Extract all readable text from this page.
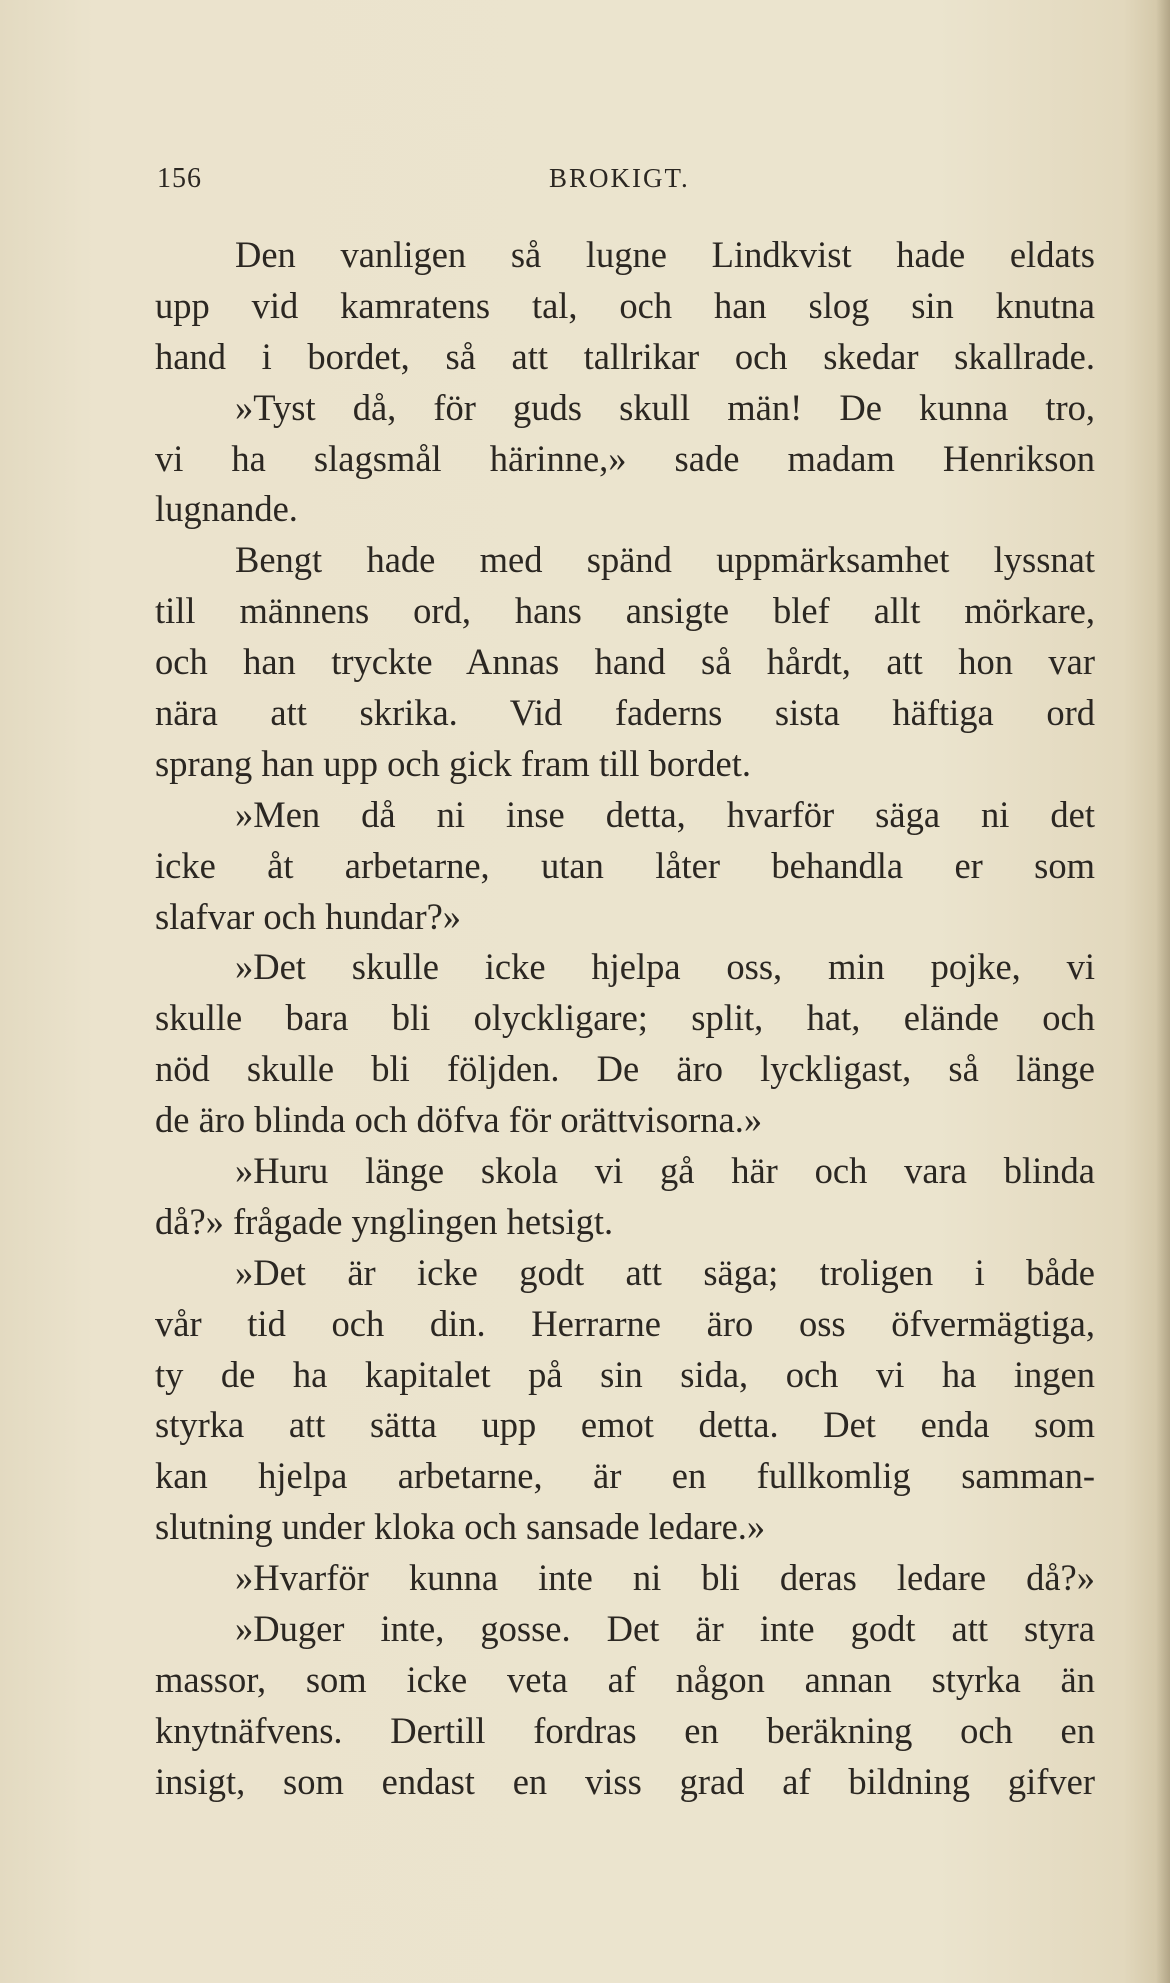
156	BROKIGT.
Den vanligen så lugne Lindkvist hade eldats
upp vid kamratens tal, och han slog sin knutna
hand i bordet, så att tallrikar och skedar skallrade.
»Tyst då, för guds skull män! De kunna tro,
vi ha slagsmål härinne,» sade madam Henrikson
lugnande.
Bengt hade med spänd uppmärksamhet lyssnat
till männens ord, hans ansigte blef allt mörkare,
och han tryckte Annas hand så hårdt, att hon var
nära att skrika. Vid faderns sista häftiga ord
sprang han upp och gick fram till bordet.
»Men då ni inse detta, hvarför säga ni det
icke åt arbetarne, utan låter behandla er som
slafvar och hundar?»
»Det skulle icke hjelpa oss, min pojke, vi
skulle bara bli olyckligare; split, hat, elände och
nöd skulle bli följden. De äro lyckligast, så länge
de äro blinda och döfva för orättvisorna.»
»Huru länge skola vi gå här och vara blinda
då?» frågade ynglingen hetsigt.
»Det är icke godt att säga; troligen i både
vår tid och din. Herrarne äro oss öfvermägtiga,
ty de ha kapitalet på sin sida, och vi ha ingen
styrka att sätta upp emot detta. Det enda som
kan hjelpa arbetarne, är en fullkomlig samman-
slutning under kloka och sansade ledare.»
»Hvarför kunna inte ni bli deras ledare då?»
»Duger inte, gosse. Det är inte godt att styra
massor, som icke veta af någon annan styrka än
knytnäfvens. Dertill fordras en beräkning och en
insigt, som endast en viss grad af bildning gifver
